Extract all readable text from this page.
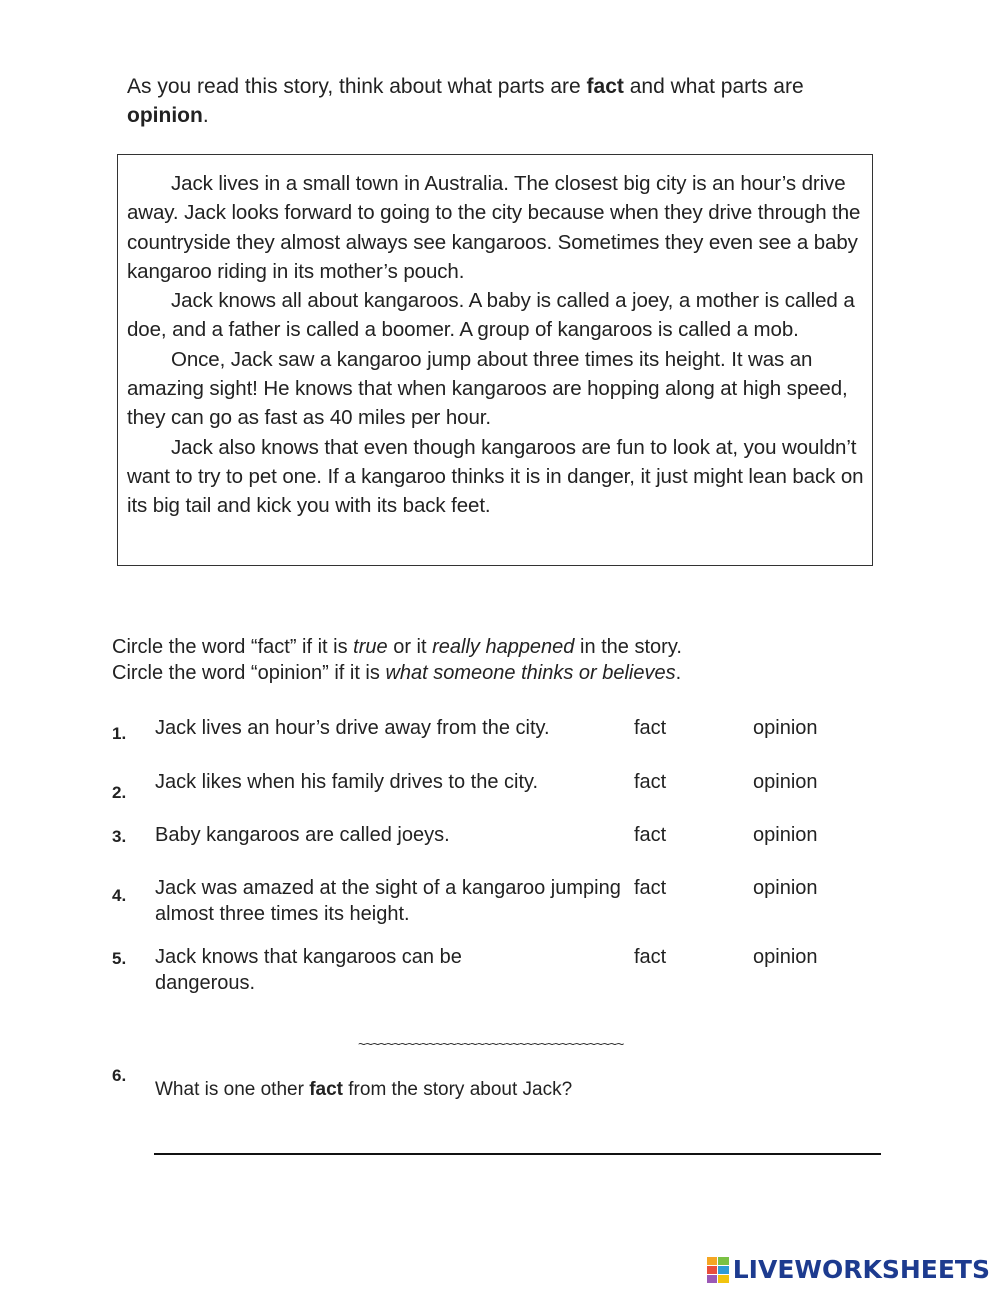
As you read this story, think about what parts are fact and what parts are
opinion.

Jack lives in a small town in Australia. The closest big city is an hour’s drive away. Jack looks forward to going to the city because when they drive through the countryside they almost always see kangaroos. Sometimes they even see a baby kangaroo riding in its mother’s pouch.

Jack knows all about kangaroos. A baby is called a joey, a mother is called a doe, and a father is called a boomer. A group of kangaroos is called a mob.

Once, Jack saw a kangaroo jump about three times its height. It was an amazing sight! He knows that when kangaroos are hopping along at high speed, they can go as fast as 40 miles per hour.

Jack also knows that even though kangaroos are fun to look at, you wouldn’t want to try to pet one. If a kangaroo thinks it is in danger, it just might lean back on its big tail and kick you with its back feet.

Circle the word “fact” if it is true or it really happened in the story.
Circle the word “opinion” if it is what someone thinks or believes.
1. Jack lives an hour’s drive away from the city.	fact	opinion
2. Jack likes when his family drives to the city.	fact	opinion
3. Baby kangaroos are called joeys.	fact	opinion
4. Jack was amazed at the sight of a kangaroo jumping almost three times its height.
fact	opinion
5. Jack knows that kangaroos can be dangerous.
fact	opinion
~~~~~~~~~~~~~~~~~~~~~~~~~~~~~~~~~~~~~~
6.
What is one other fact from the story about Jack?
LIVEWORKSHEETS
